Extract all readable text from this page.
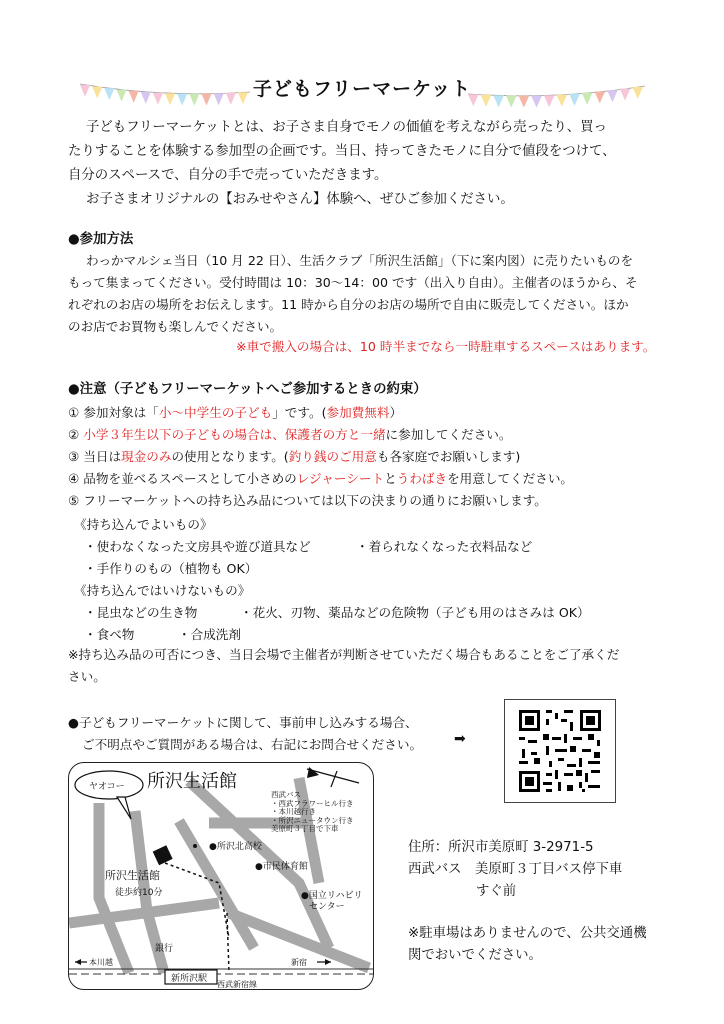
子どもフリーマーケット
子どもフリーマーケットとは、お子さま自身でモノの価値を考えながら売ったり、買っ
たりすることを体験する参加型の企画です。当日、持ってきたモノに自分で値段をつけて、
自分のスペースで、自分の手で売っていただきます。
お子さまオリジナルの【おみせやさん】体験へ、ぜひご参加ください。
●参加方法
わっかマルシェ当日（10 月 22 日）、生活クラブ「所沢生活館」（下に案内図）に売りたいものを
もって集まってください。受付時間は 10：30～14：00 です（出入り自由）。主催者のほうから、そ
れぞれのお店の場所をお伝えします。11 時から自分のお店の場所で自由に販売してください。ほか
のお店でお買物も楽しんでください。
※車で搬入の場合は、10 時半までなら一時駐車するスペースはあります。
●注意（子どもフリーマーケットへご参加するときの約束）
① 参加対象は「小～中学生の子ども」です。(参加費無料）
② 小学３年生以下の子どもの場合は、保護者の方と一緒に参加してください。
③ 当日は現金のみの使用となります。(釣り銭のご用意も各家庭でお願いします)
④ 品物を並べるスペースとして小さめのレジャーシートとうわばきを用意してください。
⑤ フリーマーケットへの持ち込み品については以下の決まりの通りにお願いします。
《持ち込んでよいもの》
・使わなくなった文房具や遊び道具など	・着られなくなった衣料品など
・手作りのもの（植物も OK）
《持ち込んではいけないもの》
・昆虫などの生き物	・花火、刃物、薬品などの危険物（子ども用のはさみは OK）
・食べ物	・合成洗剤
※持ち込み品の可否につき、当日会場で主催者が判断させていただく場合もあることをご了承くだ
さい。
●子どもフリーマーケットに関して、事前申し込みする場合、
ご不明点やご質問がある場合は、右記にお問合せください。 ➡
所沢生活館
ヤオコー
西武バス
・西武フラワーヒル行き
・本川越行き
・所沢ニュータウン行き
美原町３丁目で下車
●所沢北高校
●市民体育館
●国立リハビリ
センター
所沢生活館
徒歩約10分
銀行
本川越	新宿
新所沢駅
西武新宿線
住所：所沢市美原町 3-2971-5
西武バス　美原町３丁目バス停下車
すぐ前
※駐車場はありませんので、公共交通機
関でおいでください。
